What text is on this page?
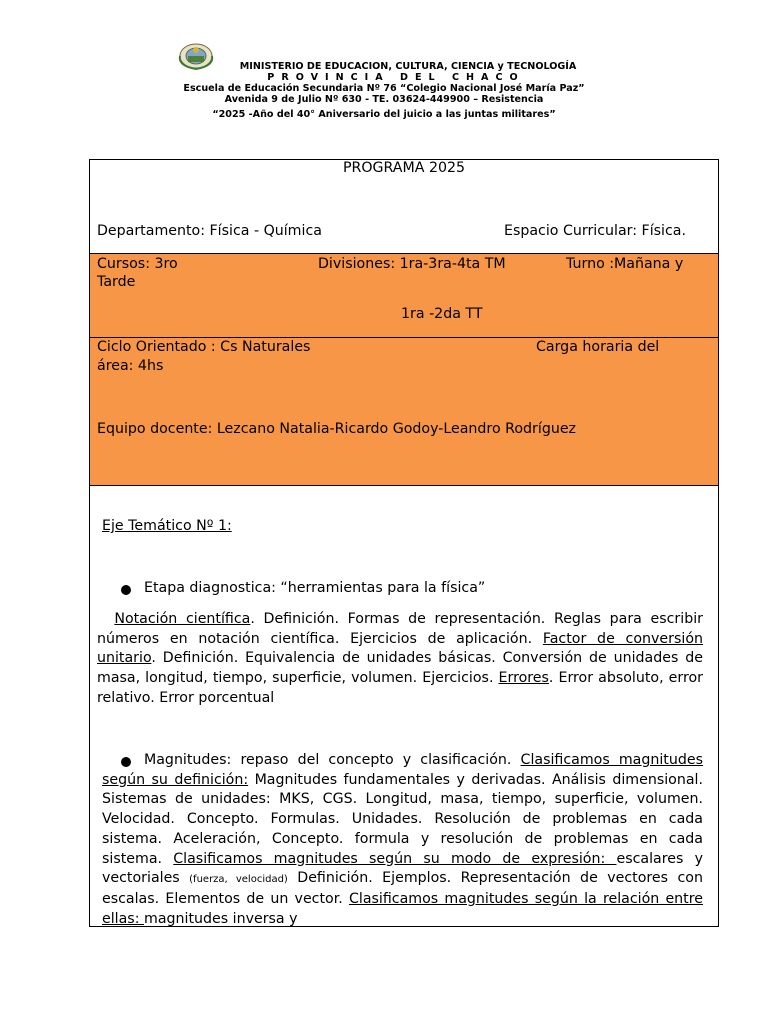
MINISTERIO DE EDUCACION, CULTURA, CIENCIA y TECNOLOGÍA
PROVINCIA DEL CHACO
Escuela de Educación Secundaria Nº 76 “Colegio Nacional José María Paz”
Avenida 9 de Julio Nº 630 - TE. 03624-449900 – Resistencia
“2025 -Año del 40° Aniversario del juicio a las juntas militares”
PROGRAMA 2025
Departamento: Física - Química	Espacio Curricular: Física.
Cursos: 3ro	Divisiones: 1ra-3ra-4ta TM	Turno :Mañana y
Tarde
1ra -2da TT
Ciclo Orientado : Cs Naturales	Carga horaria del
área: 4hs
Equipo docente: Lezcano Natalia-Ricardo Godoy-Leandro Rodríguez
Eje Temático Nº 1:
Etapa diagnostica: “herramientas para la física”
Notación científica. Definición. Formas de representación. Reglas para escribir números en notación científica. Ejercicios de aplicación. Factor de conversión unitario. Definición. Equivalencia de unidades básicas. Conversión de unidades de masa, longitud, tiempo, superficie, volumen. Ejercicios. Errores. Error absoluto, error relativo. Error porcentual
Magnitudes: repaso del concepto y clasificación. Clasificamos magnitudes según su definición: Magnitudes fundamentales y derivadas. Análisis dimensional. Sistemas de unidades: MKS, CGS. Longitud, masa, tiempo, superficie, volumen. Velocidad. Concepto. Formulas. Unidades. Resolución de problemas en cada sistema. Aceleración, Concepto. formula y resolución de problemas en cada sistema. Clasificamos magnitudes según su modo de expresión: escalares y vectoriales (fuerza, velocidad) Definición. Ejemplos. Representación de vectores con escalas. Elementos de un vector. Clasificamos magnitudes según la relación entre ellas: magnitudes inversa y
